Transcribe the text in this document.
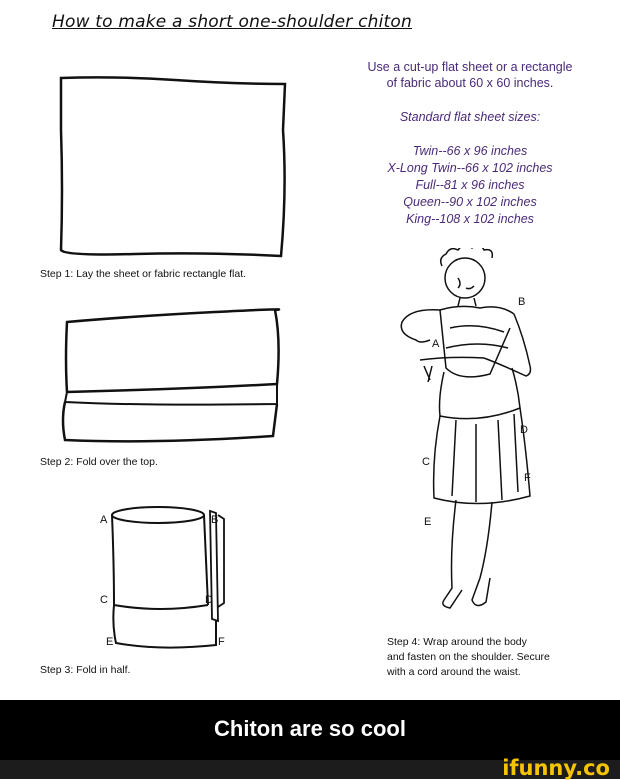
How to make a short one-shoulder chiton
Use a cut-up flat sheet or a rectangle
of fabric about 60 x 60 inches.
Standard flat sheet sizes:
Twin--66 x 96 inches
X-Long Twin--66 x 102 inches
Full--81 x 96 inches
Queen--90 x 102 inches
King--108 x 102 inches
Step 1: Lay the sheet or fabric rectangle flat.
Step 2: Fold over the top.
A	B
C	D
E	F
Step 3: Fold in half.
B
A
D
C
F
E
Step 4: Wrap around the body
and fasten on the shoulder. Secure
with a cord around the waist.
Chiton are so cool
ifunny.co
